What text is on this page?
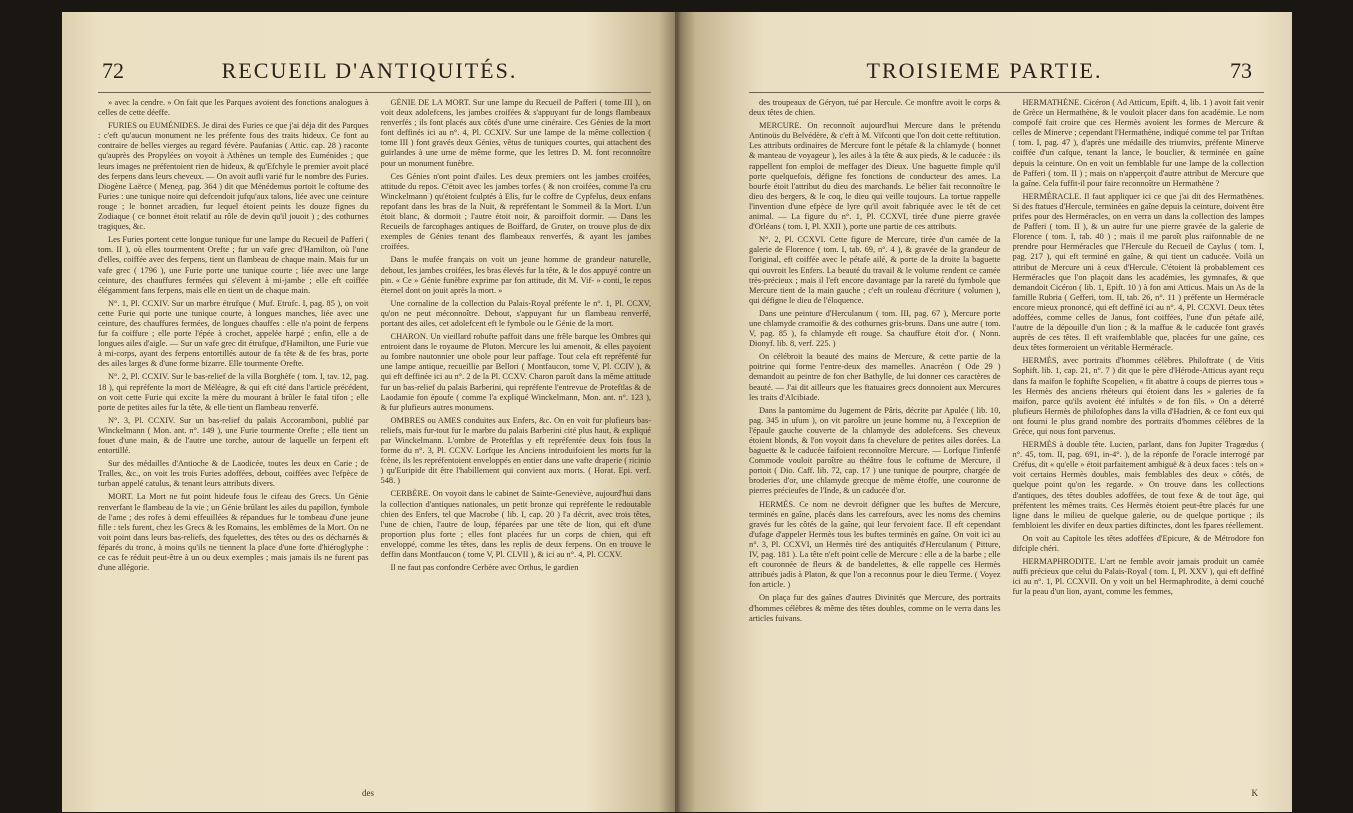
72	RECUEIL D'ANTIQUITÉS.

» avec la cendre. » On fait que les Parques avoient des fonctions analogues à celles de cette déeffe.

FURIES ou EUMÉNIDES. Je dirai des Furies ce que j'ai déja dit des Parques : c'eft qu'aucun monument ne les préfente fous des traits hideux. Ce font au contraire de belles vierges au regard févère. Paufanias ( Attic. cap. 28 ) raconte qu'auprès des Propylées on voyoit à Athènes un temple des Euménides ; que leurs images ne préfentoient rien de hideux, & qu'Efchyle le premier avoit placé des ferpens dans leurs cheveux. — On avoit aufli varié fur le nombre des Furies. Diogène Laërce ( Meneд. pag. 364 ) dit que Ménédemus portoit le coftume des Furies : une tunique noire qui defcendoit jufqu'aux talons, liée avec une ceinture rouge ; le bonnet arcadien, fur lequel étoient peints les douze fignes du Zodiaque ( ce bonnet étoit relatif au rôle de devin qu'il jouoit ) ; des cothurnes tragiques, &c.

Les Furies portent cette longue tunique fur une lampe du Recueil de Pafferi ( tom. II ), où elles tourmentent Orefte ; fur un vafe grec d'Hamilton, où l'une d'elles, coiffée avec des ferpens, tient un flambeau de chaque main. Mais fur un vafe grec ( 1796 ), une Furie porte une tunique courte ; liée avec une large ceinture, des chauffures fermées qui s'élevent à mi-jambe ; elle eft coiffée élégamment fans ferpens, mais elle en tient un de chaque main.

N°. 1, Pl. CCXIV. Sur un marbre étrufque ( Muf. Etrufc. I, pag. 85 ), on voit cette Furie qui porte une tunique courte, à longues manches, liée avec une ceinture, des chauffures fermées, de longues chauffes : elle n'a point de ferpens fur fa coiffure ; elle porte l'épée à crochet, appelée harpé ; enfin, elle a de longues ailes d'aigle. — Sur un vafe grec dit étrufque, d'Hamilton, une Furie vue à mi-corps, ayant des ferpens entortillés autour de fa tête & de fes bras, porte des ailes larges & d'une forme bizarre. Elle tourmente Orefte.

N°. 2, Pl. CCXIV. Sur le bas-relief de la villa Borghèfe ( tom. I, tav. 12, pag. 18 ), qui repréfente la mort de Méléagre, & qui eft cité dans l'article précédent, on voit cette Furie qui excite la mère du mourant à brûler le fatal tifon ; elle porte de petites ailes fur la tête, & elle tient un flambeau renverfé.

N°. 3, Pl. CCXIV. Sur un bas-relief du palais Accoramboni, publié par Winckelmann ( Mon. ant. n°. 149 ), une Furie tourmente Orefte ; elle tient un fouet d'une main, & de l'autre une torche, autour de laquelle un ferpent eft entortillé.

Sur des médailles d'Antioche & de Laodicée, toutes les deux en Carie ; de Tralles, &c., on voit les trois Furies adoffées, debout, coiffées avec l'efpèce de turban appelé catulus, & tenant leurs attributs divers.

MORT. La Mort ne fut point hideufe fous le cifeau des Grecs. Un Génie renverfant le flambeau de la vie ; un Génie brûlant les ailes du papillon, fymbole de l'ame ; des rofes à demi effeuillées & répandues fur le tombeau d'une jeune fille : tels furent, chez les Grecs & les Romains, les emblêmes de la Mort. On ne voit point dans leurs bas-reliefs, des fquelettes, des têtes ou des os décharnés & féparés du tronc, à moins qu'ils ne tiennent la place d'une forte d'hiéroglyphe : ce cas fe réduit peut-être à un ou deux exemples ; mais jamais ils ne furent pas d'une allégorie.

GÉNIE DE LA MORT. Sur une lampe du Recueil de Pafferi ( tome III ), on voit deux adolefcens, les jambes croifées & s'appuyant fur de longs flambeaux renverfés ; ils font placés aux côtés d'une urne cinéraire. Ces Génies de la mort font deffinés ici au n°. 4, Pl. CCXIV. Sur une lampe de la même collection ( tome III ) font gravés deux Génies, vêtus de tuniques courtes, qui attachent des guirlandes à une urne de même forme, que les lettres D. M. font reconnoître pour un monument funèbre.

Ces Génies n'ont point d'ailes. Les deux premiers ont les jambes croifées, attitude du repos. C'étoit avec les jambes torfes ( & non croifées, comme l'a cru Winckelmann ) qu'étoient fculptés à Elis, fur le coffre de Cypfelus, deux enfans repofant dans les bras de la Nuit, & repréfentant le Sommeil & la Mort. L'un étoit blanc, & dormoit ; l'autre étoit noir, & paroiffoit dormir. — Dans les Recueils de farcophages antiques de Boiffard, de Gruter, on trouve plus de dix exemples de Génies tenant des flambeaux renverfés, & ayant les jambes croifées.

Dans le mufée français on voit un jeune homme de grandeur naturelle, debout, les jambes croifées, les bras élevés fur la tête, & le dos appuyé contre un pin. « Ce » Génie funèbre exprime par fon attitude, dit M. Vif- » conti, le repos éternel dont on jouit après la mort. »

Une cornaline de la collection du Palais-Royal préfente le n°. 1, Pl. CCXV, qu'on ne peut méconnoître. Debout, s'appuyant fur un flambeau renverfé, portant des ailes, cet adolefcent eft le fymbole ou le Génie de la mort.

CHARON. Un vieillard robufte paffoit dans une frêle barque les Ombres qui entroient dans le royaume de Pluton. Mercure les lui amenoit, & elles payoient au fombre nautonnier une obole pour leur paffage. Tout cela eft repréfenté fur une lampe antique, recueillie par Bellori ( Montfaucon, tome V, Pl. CCIV ), & qui eft deffinée ici au n°. 2 de la Pl. CCXV. Charon paroît dans la même attitude fur un bas-relief du palais Barberini, qui repréfente l'entrevue de Proteftlas & de Laodamie fon époufe ( comme l'a expliqué Winckelmann, Mon. ant. n°. 123 ), & fur plufieurs autres monumens.

OMBRES ou AMES conduites aux Enfers, &c. On en voit fur plufieurs bas-reliefs, mais fur-tout fur le marbre du palais Barberini cité plus haut, & expliqué par Winckelmann. L'ombre de Proteftlas y eft repréfentée deux fois fous la forme du n°. 3, Pl. CCXV. Lorfque les Anciens introduifoient les morts fur la fcène, ils les repréfentoient enveloppés en entier dans une vafte draperie ( ricinio ) qu'Euripide dit être l'habillement qui convient aux morts. ( Horat. Epi. verf. 548. )

CERBÈRE. On voyoit dans le cabinet de Sainte-Geneviève, aujourd'hui dans la collection d'antiques nationales, un petit bronze qui repréfente le redoutable chien des Enfers, tel que Macrobe ( lib. I, cap. 20 ) l'a décrit, avec trois têtes, l'une de chien, l'autre de loup, féparées par une tête de lion, qui eft d'une proportion plus forte ; elles font placées fur un corps de chien, qui eft enveloppé, comme les têtes, dans les replis de deux ferpens. On en trouve le deffin dans Montfaucon ( tome V, Pl. CLVII ), & ici au n°. 4, Pl. CCXV.

Il ne faut pas confondre Cerbère avec Orthus, le gardien

des
TROISIEME PARTIE.	73

des troupeaux de Géryon, tué par Hercule. Ce monftre avoit le corps & deux têtes de chien.

MERCURE. On reconnoît aujourd'hui Mercure dans le prétendu Antinoüs du Belvédère, & c'eft à M. Vifconti que l'on doit cette reftitution. Les attributs ordinaires de Mercure font le pétafe & la chlamyde ( bonnet & manteau de voyageur ), les ailes à la tête & aux pieds, & le caducée : ils rappellent fon emploi de meffager des Dieux. Une baguette fimple qu'il porte quelquefois, défigne fes fonctions de conducteur des ames. La bourfe étoit l'attribut du dieu des marchands. Le bélier fait reconnoître le dieu des bergers, & le coq, le dieu qui veille toujours. La tortue rappelle l'invention d'une efpèce de lyre qu'il avoit fabriquée avec le têt de cet animal. — La figure du n°. 1, Pl. CCXVI, tirée d'une pierre gravée d'Orléans ( tom. I, Pl. XXII ), porte une partie de ces attributs.

N°. 2, Pl. CCXVI. Cette figure de Mercure, tirée d'un camée de la galerie de Florence ( tom. I, tab. 69, n°. 4 ), & gravée de la grandeur de l'original, eft coiffée avec le pétafe ailé, & porte de la droite la baguette qui ouvroit les Enfers. La beauté du travail & le volume rendent ce camée très-précieux ; mais il l'eft encore davantage par la rareté du fymbole que Mercure tient de la main gauche ; c'eft un rouleau d'écriture ( volumen ), qui défigne le dieu de l'éloquence.

Dans une peinture d'Herculanum ( tom. III, pag. 67 ), Mercure porte une chlamyde cramoifie & des cothurnes gris-bruns. Dans une autre ( tom. V, pag. 85 ), fa chlamyde eft rouge. Sa chauffure étoit d'or. ( Nonn. Dionyf. lib. 8, verf. 225. )

On célébroit la beauté des mains de Mercure, & cette partie de la poitrine qui forme l'entre-deux des mamelles. Anacréon ( Ode 29 ) demandoit au peintre de fon cher Bathylle, de lui donner ces caractères de beauté. — J'ai dit ailleurs que les ftatuaires grecs donnoient aux Mercures les traits d'Alcibiade.

Dans la pantomime du Jugement de Pâris, décrite par Apulée ( lib. 10, pag. 345 in ufum ), on vit paroître un jeune homme nu, à l'exception de l'épaule gauche couverte de la chlamyde des adolefcens. Ses cheveux étoient blonds, & l'on voyoit dans fa chevelure de petites ailes dorées. La baguette & le caducée faifoient reconnoître Mercure. — Lorfque l'infenfé Commode vouloit paroître au théâtre fous le coftume de Mercure, il portoit ( Dio. Caff. lib. 72, cap. 17 ) une tunique de pourpre, chargée de broderies d'or, une chlamyde grecque de même étoffe, une couronne de pierres précieufes de l'Inde, & un caducée d'or.

HERMÈS. Ce nom ne devroit défigner que les buftes de Mercure, terminés en gaîne, placés dans les carrefours, avec les noms des chemins gravés fur les côtés de la gaîne, qui leur fervoient face. Il eft cependant d'ufage d'appeler Hermès tous les buftes terminés en gaîne. On voit ici au n°. 3, Pl. CCXVI, un Hermès tiré des antiquités d'Herculanum ( Pitture, IV, pag. 181 ). La tête n'eft point celle de Mercure : elle a de la barbe ; elle eft couronnée de fleurs & de bandelettes, & elle rappelle ces Hermès attribués jadis à Platon, & que l'on a reconnus pour le dieu Terme. ( Voyez fon article. )

On plaça fur des gaînes d'autres Divinités que Mercure, des portraits d'hommes célèbres & même des têtes doubles, comme on le verra dans les articles fuivans.

HERMATHÈNE. Cicéron ( Ad Atticum, Epift. 4, lib. 1 ) avoit fait venir de Grèce un Hermathène, & le vouloit placer dans fon académie. Le nom compofé fait croire que ces Hermès avoient les formes de Mercure & celles de Minerve ; cependant l'Hermathène, indiqué comme tel par Triftan ( tom. I, pag. 47 ), d'après une médaille des triumvirs, préfente Minerve coiffée d'un cafque, tenant la lance, le bouclier, & terminée en gaîne depuis la ceinture. On en voit un femblable fur une lampe de la collection de Pafferi ( tom. II ) ; mais on n'apperçoit d'autre attribut de Mercure que la gaîne. Cela fuffit-il pour faire reconnoître un Hermathène ?

HERMÉRACLE. Il faut appliquer ici ce que j'ai dit des Hermathènes. Si des ftatues d'Hercule, terminées en gaîne depuis la ceinture, doivent être prifes pour des Herméracles, on en verra un dans la collection des lampes de Pafferi ( tom. II ), & un autre fur une pierre gravée de la galerie de Florence ( tom. I, tab. 40 ) ; mais il me paroît plus raifonnable de ne prendre pour Herméracles que l'Hercule du Recueil de Caylus ( tom. I, pag. 217 ), qui eft terminé en gaîne, & qui tient un caducée. Voilà un attribut de Mercure uni à ceux d'Hercule. C'étoient là probablement ces Herméracles que l'on plaçoit dans les académies, les gymnafes, & que demandoit Cicéron ( lib. 1, Epift. 10 ) à fon ami Atticus. Mais un As de la famille Rubria ( Gefferi, tom. II, tab. 26, n°. 11 ) préfente un Herméracle encore mieux prononcé, qui eft deffiné ici au n°. 4, Pl. CCXVI. Deux têtes adoffées, comme celles de Janus, font coiffées, l'une d'un pétafe ailé, l'autre de la dépouille d'un lion ; & la maffue & le caducée font gravés auprès de ces têtes. Il eft vraifemblable que, placées fur une gaîne, ces deux têtes formeroient un véritable Herméracle.

HERMÈS, avec portraits d'hommes célèbres. Philoftrate ( de Vitis Sophift. lib. 1, cap. 21, n°. 7 ) dit que le père d'Hérode-Atticus ayant reçu dans fa maifon le fophifte Scopelien, « fit abattre à coups de pierres tous » les Hermès des anciens rhéteurs qui étoient dans les » galeries de fa maifon, parce qu'ils avoient été infultés » de fon fils. » On a déterré plufieurs Hermès de philofophes dans la villa d'Hadrien, & ce font eux qui ont fourni le plus grand nombre des portraits d'hommes célèbres de la Grèce, qui nous font parvenus.

HERMÈS à double tête. Lucien, parlant, dans fon Jupiter Tragœdus ( n°. 45, tom. II, pag. 691, in-4°. ), de la réponfe de l'oracle interrogé par Créfus, dit « qu'elle » étoit parfaitement ambiguë & à deux faces : tels on » voit certains Hermès doubles, mais femblables des deux » côtés, de quelque point qu'on les regarde. » On trouve dans les collections d'antiques, des têtes doubles adoffées, de tout fexe & de tout âge, qui préfentent les mêmes traits. Ces Hermès étoient peut-être placés fur une ligne dans le milieu de quelque galerie, ou de quelque portique ; ils fembloient les divifer en deux parties diftinctes, dont les fpares réellement.

On voit au Capitole les têtes adoffées d'Epicure, & de Métrodore fon difciple chéri.

HERMAPHRODITE. L'art ne femble avoir jamais produit un camée auffi précieux que celui du Palais-Royal ( tom. I, Pl. XXV ), qui eft deffiné ici au n°. 1, Pl. CCXVII. On y voit un bel Hermaphrodite, à demi couché fur la peau d'un lion, ayant, comme les femmes,

K
